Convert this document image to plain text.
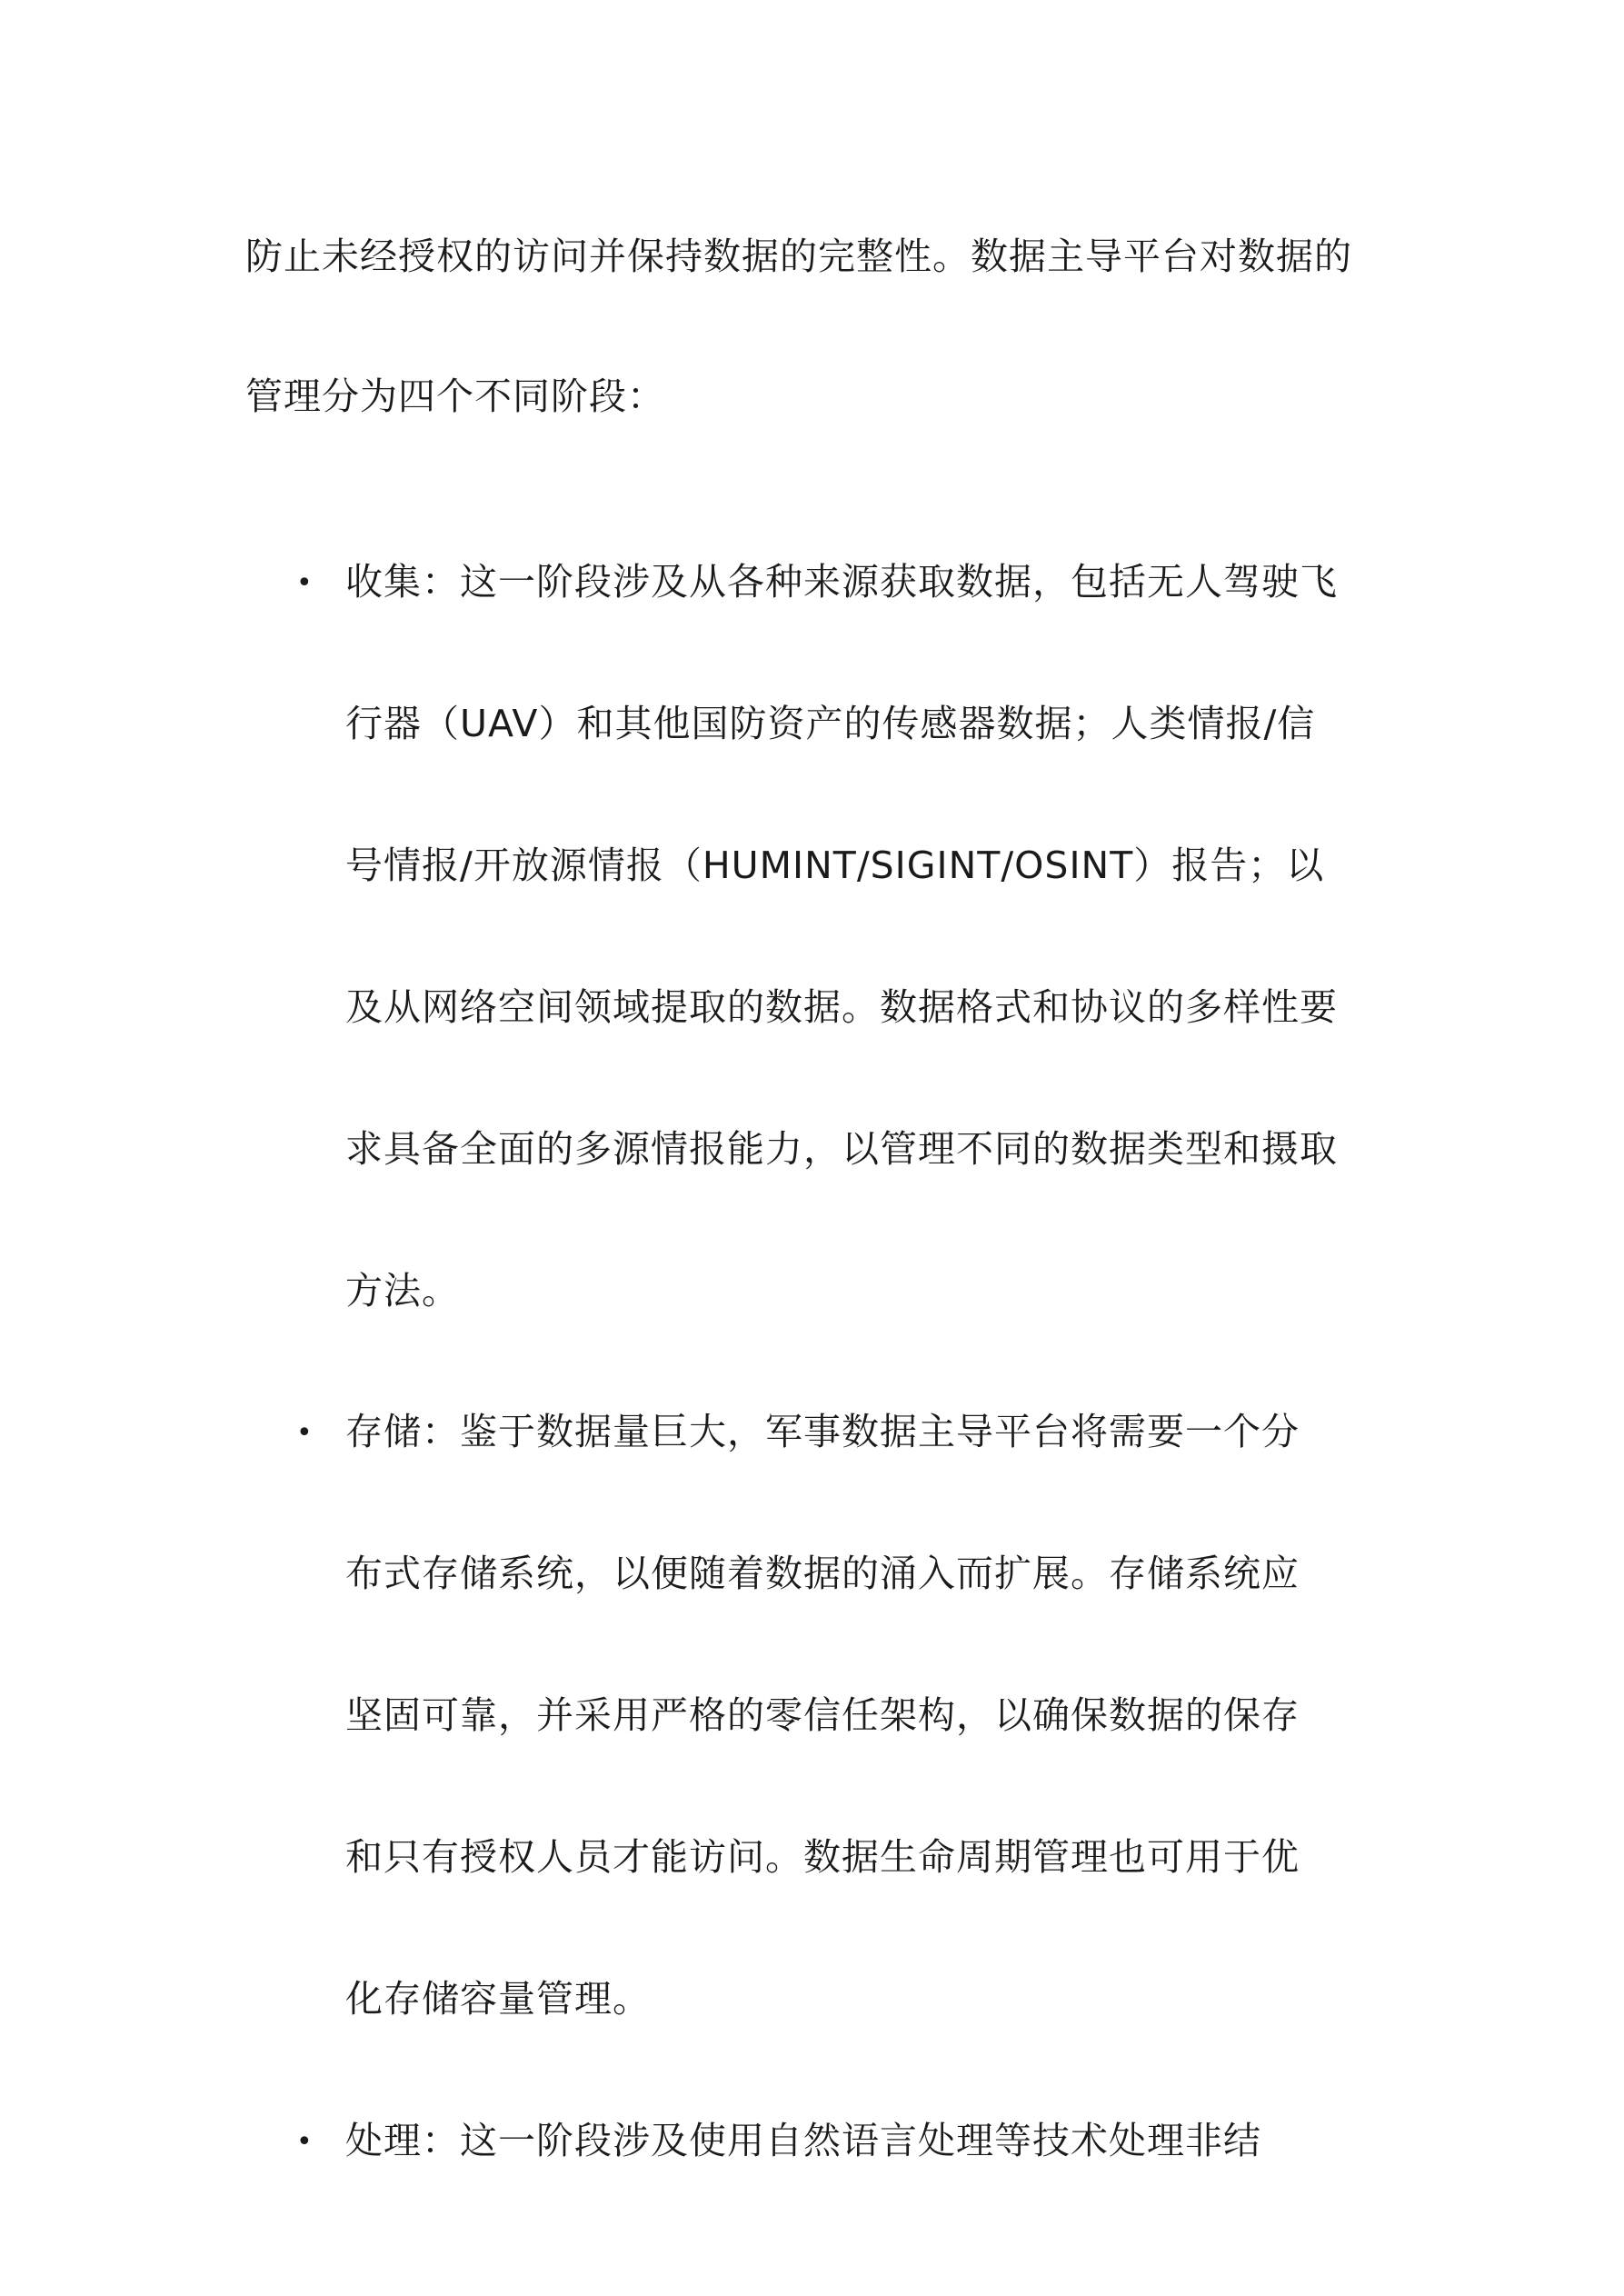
防止未经授权的访问并保持数据的完整性。数据主导平台对数据的
管理分为四个不同阶段：
• 收集：这一阶段涉及从各种来源获取数据，包括无人驾驶飞
行器（UAV）和其他国防资产的传感器数据；人类情报/信
号情报/开放源情报（HUMINT/SIGINT/OSINT）报告；以
及从网络空间领域提取的数据。数据格式和协议的多样性要
求具备全面的多源情报能力，以管理不同的数据类型和摄取
方法。
• 存储：鉴于数据量巨大，军事数据主导平台将需要一个分
布式存储系统，以便随着数据的涌入而扩展。存储系统应
坚固可靠，并采用严格的零信任架构，以确保数据的保存
和只有授权人员才能访问。数据生命周期管理也可用于优
化存储容量管理。
• 处理：这一阶段涉及使用自然语言处理等技术处理非结
